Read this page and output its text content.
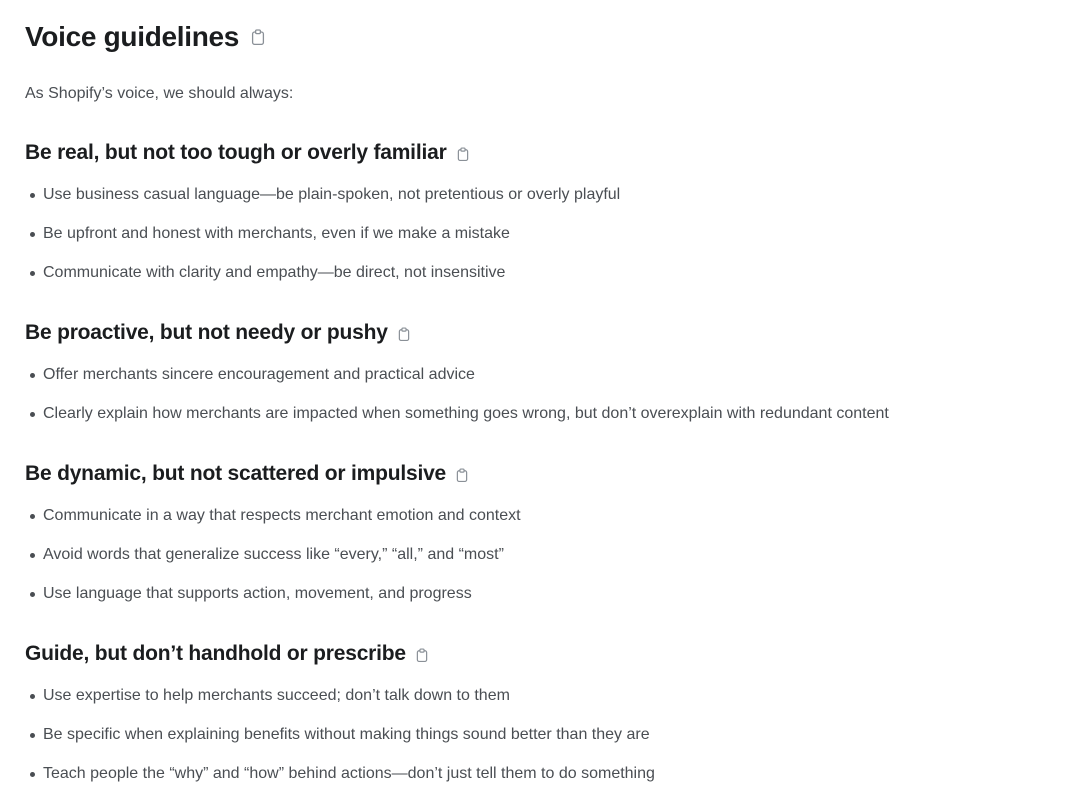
Voice guidelines

As Shopify’s voice, we should always:

Be real, but not too tough or overly familiar
Use business casual language—be plain-spoken, not pretentious or overly playful
Be upfront and honest with merchants, even if we make a mistake
Communicate with clarity and empathy—be direct, not insensitive
Be proactive, but not needy or pushy
Offer merchants sincere encouragement and practical advice
Clearly explain how merchants are impacted when something goes wrong, but don’t overexplain with redundant content
Be dynamic, but not scattered or impulsive
Communicate in a way that respects merchant emotion and context
Avoid words that generalize success like “every,” “all,” and “most”
Use language that supports action, movement, and progress
Guide, but don’t handhold or prescribe
Use expertise to help merchants succeed; don’t talk down to them
Be specific when explaining benefits without making things sound better than they are
Teach people the “why” and “how” behind actions—don’t just tell them to do something
